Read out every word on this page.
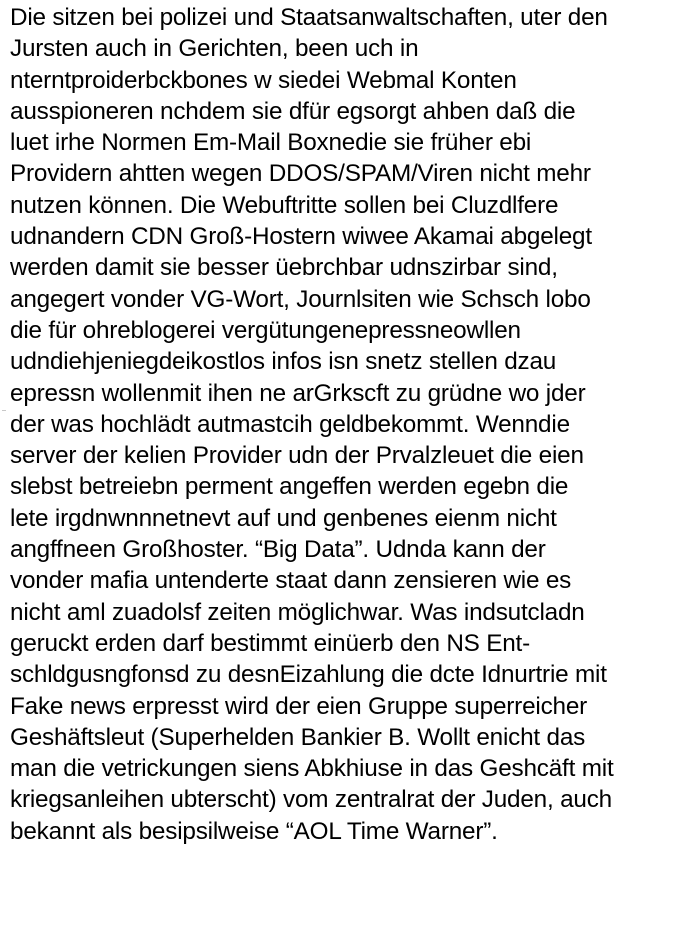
Die sitzen bei polizei und Staatsanwaltschaften, uter den
Jursten auch in Gerichten, been uch in
nterntproiderbckbones w siedei Webmal Konten
ausspioneren nchdem sie dfür egsorgt ahben daß die
luet irhe Normen Em-Mail Boxnedie sie früher ebi
Providern ahtten wegen DDOS/SPAM/Viren nicht mehr
nutzen können. Die Webuftritte sollen bei Cluzdlfere
udnandern CDN Groß-Hostern wiwee Akamai abgelegt
werden damit sie besser üebrchbar udnszirbar sind,
angegert vonder VG-Wort, Journlsiten wie Schsch lobo
die für ohreblogerei vergütungenepressneowllen
udndiehjeniegdeikostlos infos isn snetz stellen dzau
epressn wollenmit ihen ne arGrkscft zu grüdne wo jder
der was hochlädt autmastcih geldbekommt. Wenndie
server der kelien Provider udn der Prvalzleuet die eien
slebst betreiebn perment angeffen werden egebn die
lete irgdnwnnnetnevt auf und genbenes eienm nicht
angffneen Großhoster. “Big Data”. Udnda kann der
vonder mafia untenderte staat dann zensieren wie es
nicht aml zuadolsf zeiten möglichwar. Was indsutcladn
geruckt erden darf bestimmt einüerb den NS Ent-
schldgusngfonsd zu desnEizahlung die dcte Idnurtrie mit
Fake news erpresst wird der eien Gruppe superreicher
Geshäftsleut (Superhelden Bankier B. Wollt enicht das
man die vetrickungen siens Abkhiuse in das Geshcäft mit
kriegsanleihen ubterscht) vom zentralrat der Juden, auch
bekannt als besipsilweise “AOL Time Warner”.
